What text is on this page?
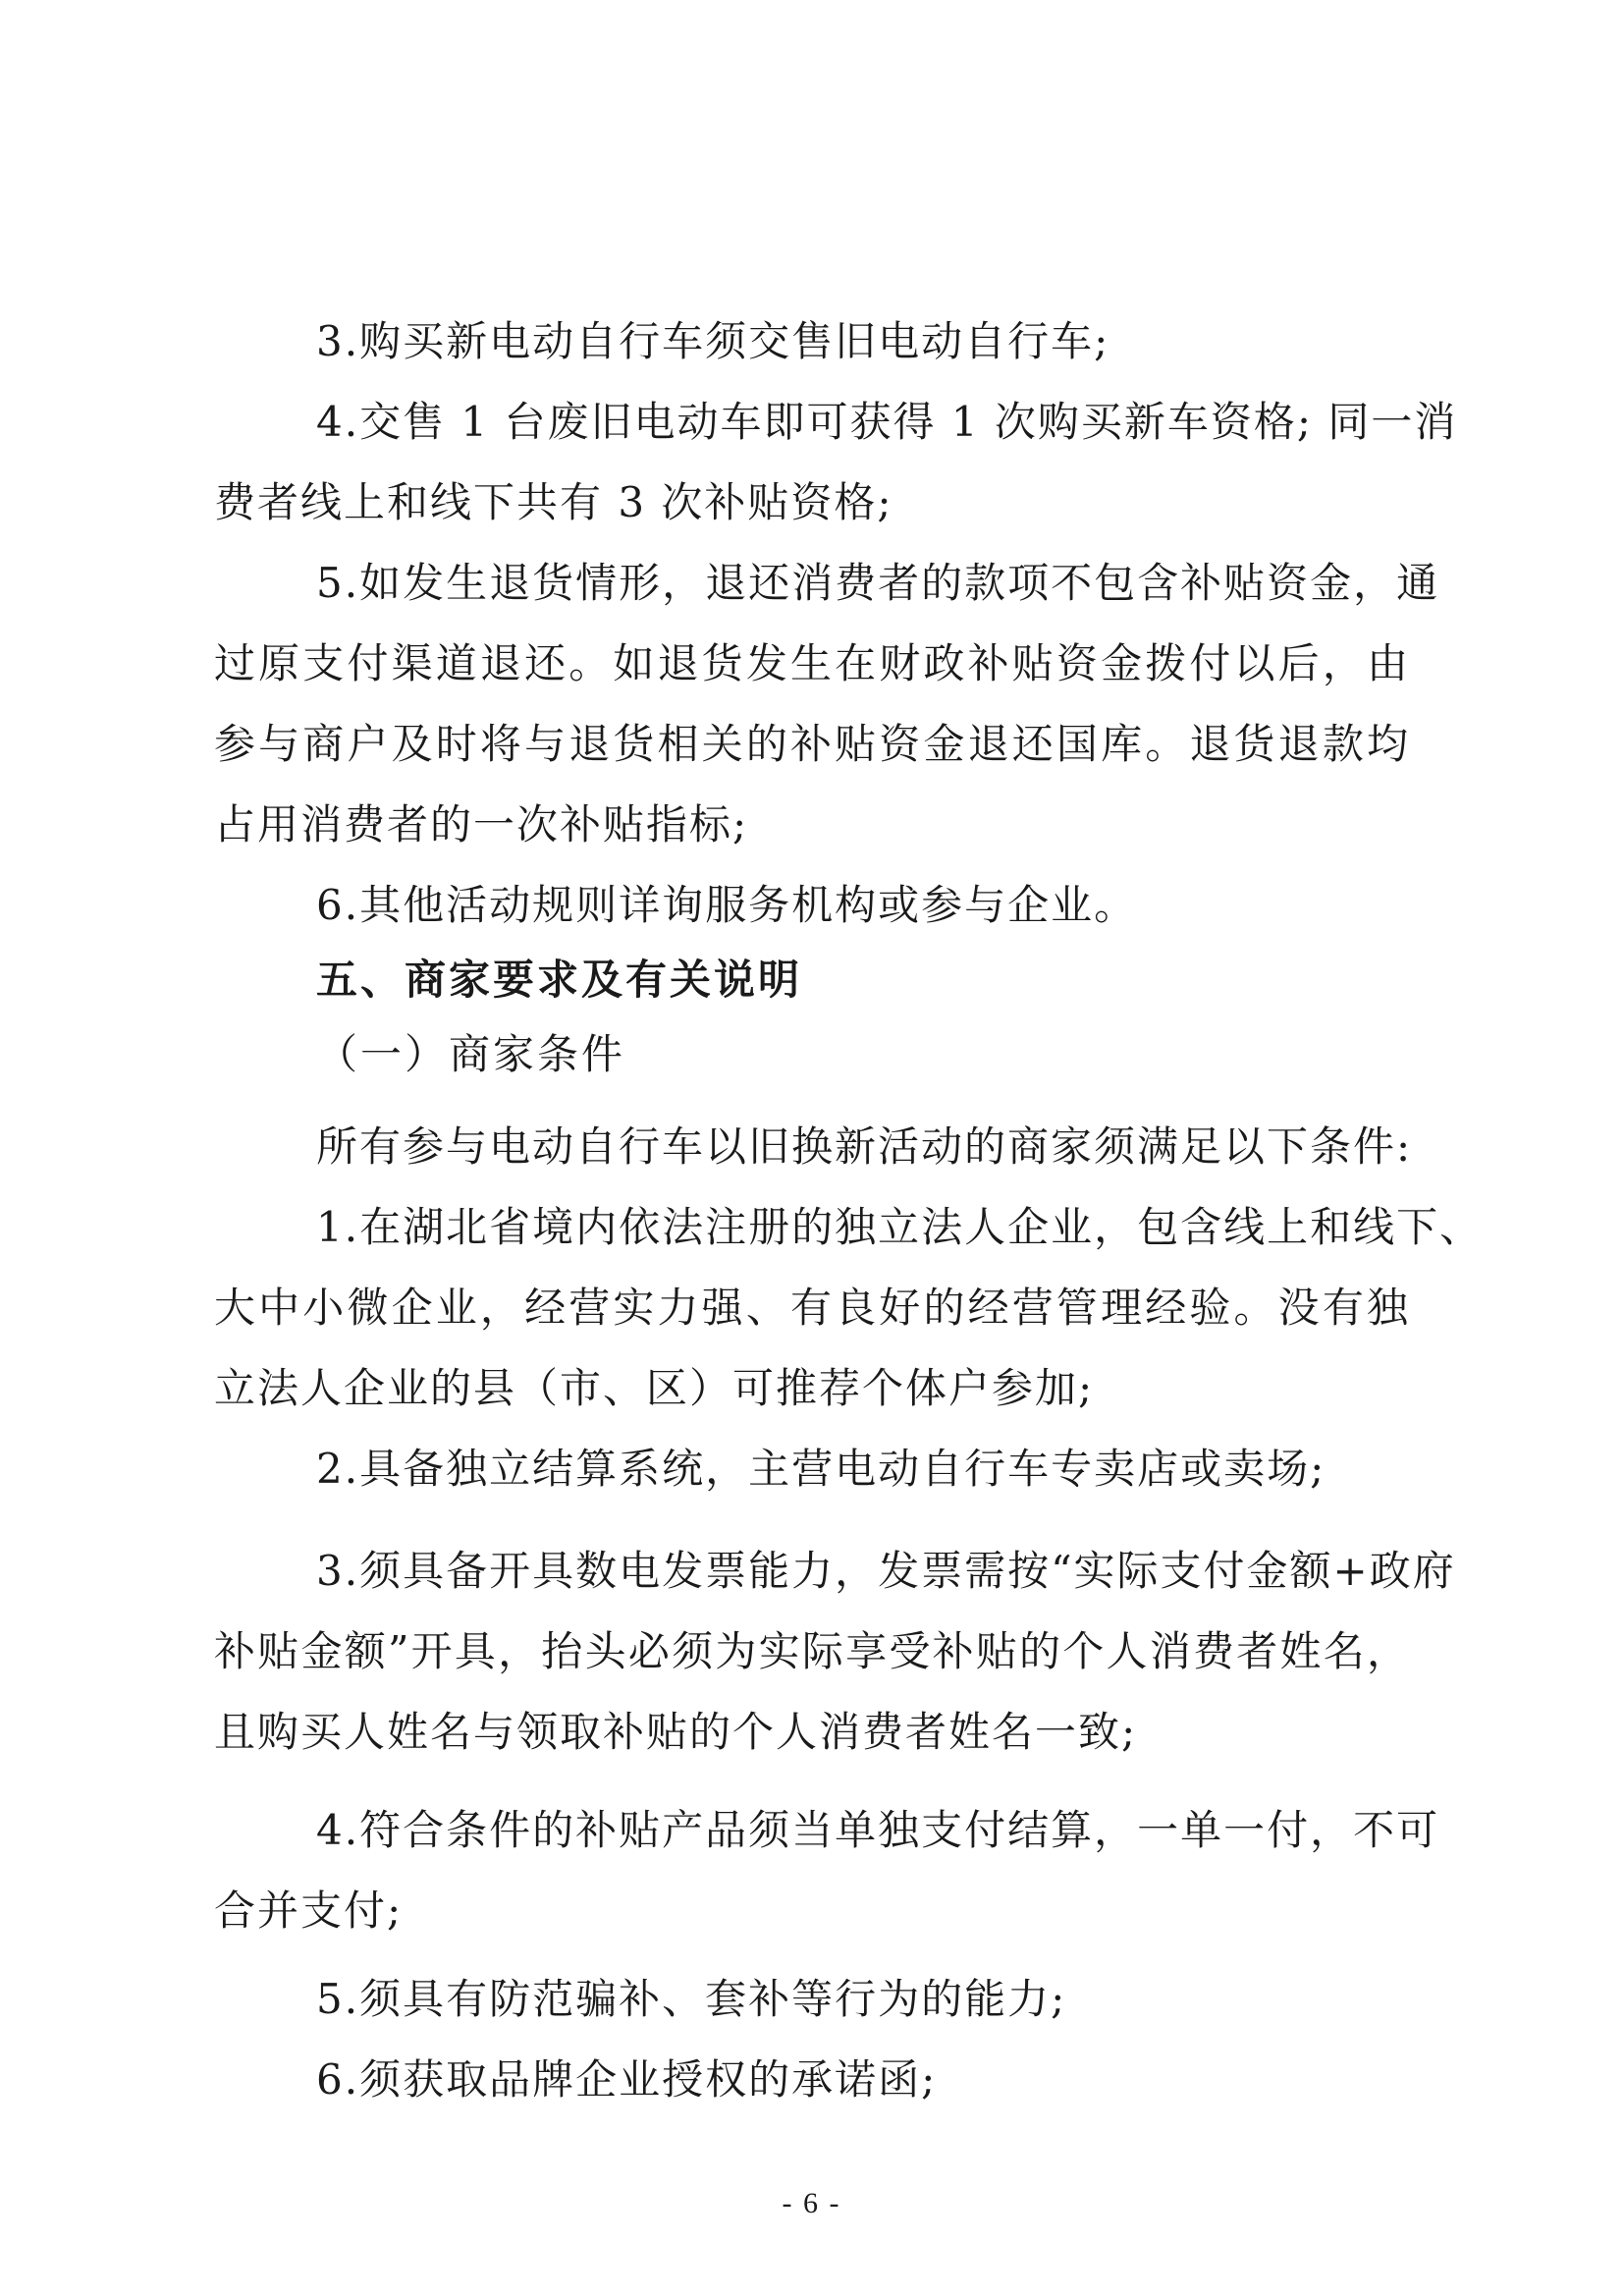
3.购买新电动自行车须交售旧电动自行车;
4.交售 1 台废旧电动车即可获得 1 次购买新车资格; 同一消
费者线上和线下共有 3 次补贴资格;
5.如发生退货情形，退还消费者的款项不包含补贴资金，通
过原支付渠道退还。如退货发生在财政补贴资金拨付以后，由
参与商户及时将与退货相关的补贴资金退还国库。退货退款均
占用消费者的一次补贴指标;
6.其他活动规则详询服务机构或参与企业。
五、商家要求及有关说明
（一）商家条件
所有参与电动自行车以旧换新活动的商家须满足以下条件:
1.在湖北省境内依法注册的独立法人企业，包含线上和线下、
大中小微企业，经营实力强、有良好的经营管理经验。没有独
立法人企业的县（市、区）可推荐个体户参加;
2.具备独立结算系统，主营电动自行车专卖店或卖场;
3.须具备开具数电发票能力，发票需按“实际支付金额+政府
补贴金额”开具，抬头必须为实际享受补贴的个人消费者姓名，
且购买人姓名与领取补贴的个人消费者姓名一致;
4.符合条件的补贴产品须当单独支付结算，一单一付，不可
合并支付;
5.须具有防范骗补、套补等行为的能力;
6.须获取品牌企业授权的承诺函;
- 6 -
